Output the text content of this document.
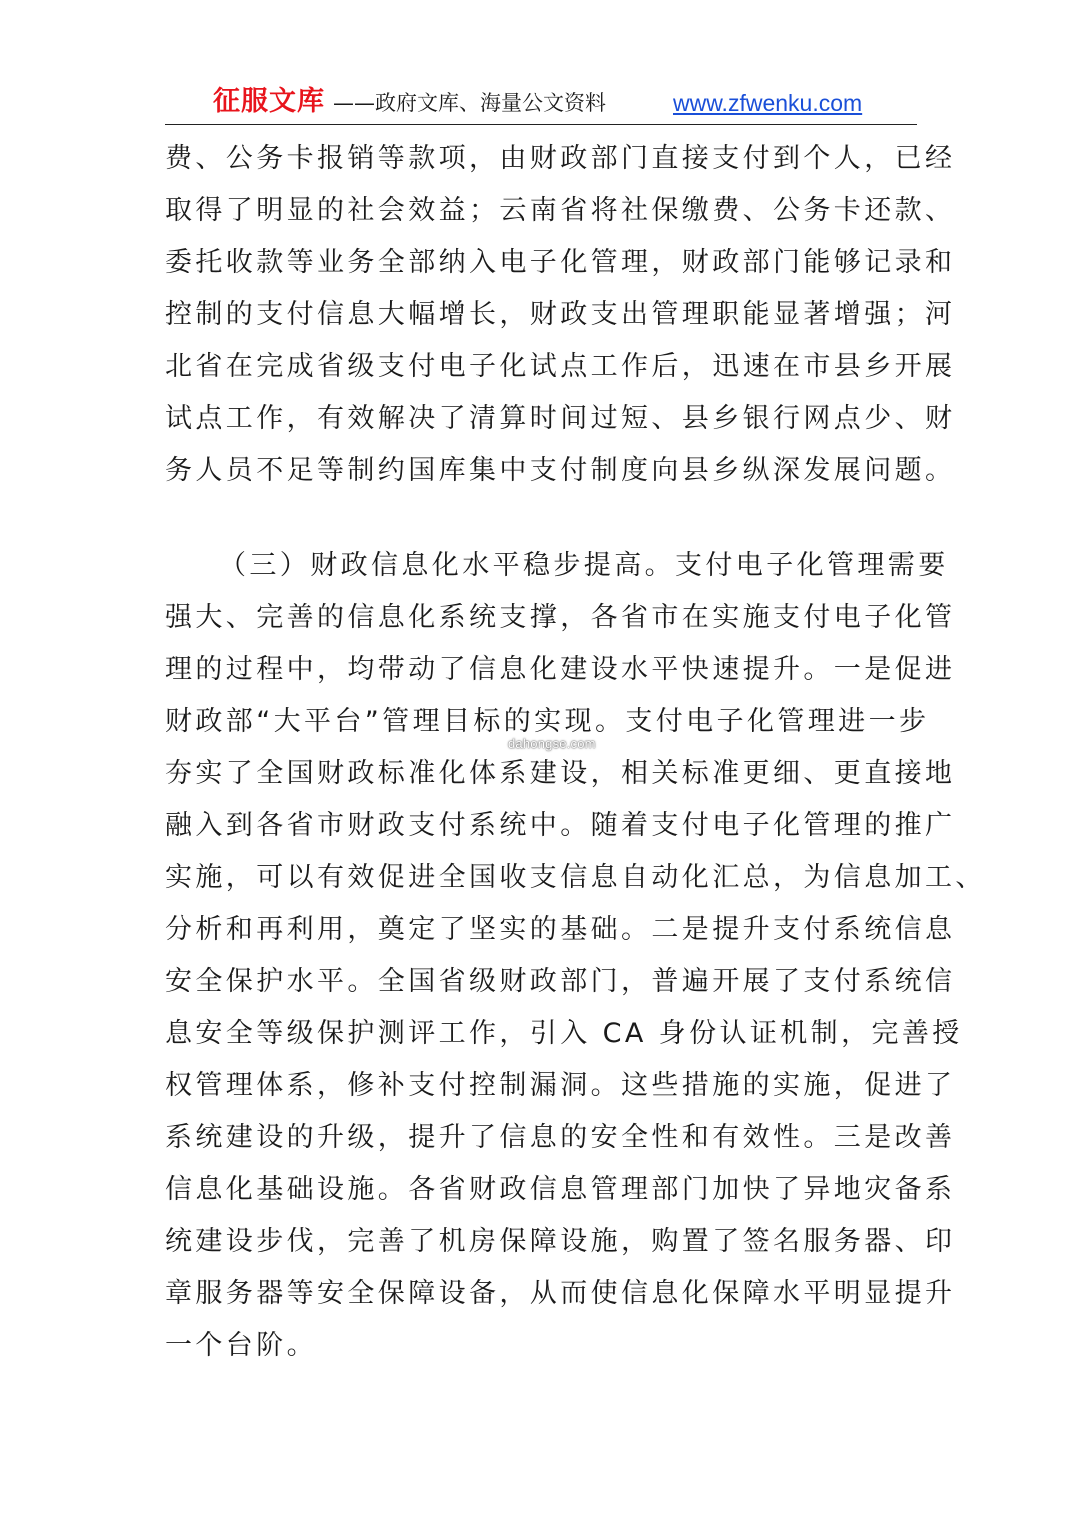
征服文库 ——政府文库、海量公文资料	www.zfwenku.com
费、公务卡报销等款项，由财政部门直接支付到个人，已经
取得了明显的社会效益；云南省将社保缴费、公务卡还款、
委托收款等业务全部纳入电子化管理，财政部门能够记录和
控制的支付信息大幅增长，财政支出管理职能显著增强；河
北省在完成省级支付电子化试点工作后，迅速在市县乡开展
试点工作，有效解决了清算时间过短、县乡银行网点少、财
务人员不足等制约国库集中支付制度向县乡纵深发展问题。
（三）财政信息化水平稳步提高。支付电子化管理需要
强大、完善的信息化系统支撑，各省市在实施支付电子化管
理的过程中，均带动了信息化建设水平快速提升。一是促进
财政部“大平台”管理目标的实现。支付电子化管理进一步
夯实了全国财政标准化体系建设，相关标准更细、更直接地
融入到各省市财政支付系统中。随着支付电子化管理的推广
实施，可以有效促进全国收支信息自动化汇总，为信息加工、
分析和再利用，奠定了坚实的基础。二是提升支付系统信息
安全保护水平。全国省级财政部门，普遍开展了支付系统信
息安全等级保护测评工作，引入 CA 身份认证机制，完善授
权管理体系，修补支付控制漏洞。这些措施的实施，促进了
系统建设的升级，提升了信息的安全性和有效性。三是改善
信息化基础设施。各省财政信息管理部门加快了异地灾备系
统建设步伐，完善了机房保障设施，购置了签名服务器、印
章服务器等安全保障设备，从而使信息化保障水平明显提升
一个台阶。
dahongse.com
